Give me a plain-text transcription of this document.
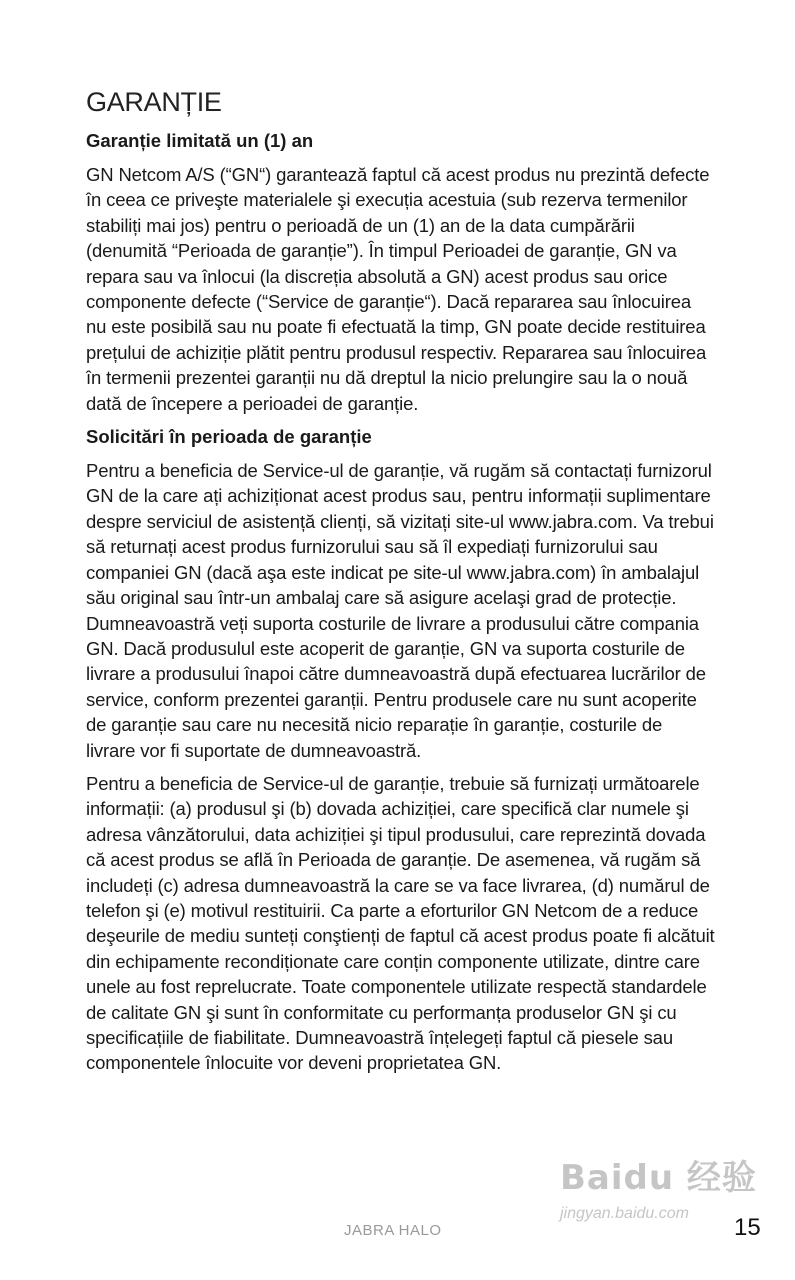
GARANȚIE
Garanție limitată un (1) an

GN Netcom A/S (“GN“) garantează faptul că acest produs nu prezintă defecte în ceea ce priveşte materialele şi execuția acestuia (sub rezerva termenilor stabiliți mai jos) pentru o perioadă de un (1) an de la data cumpărării (denumită “Perioada de garanție”). În timpul Perioadei de garanție, GN va repara sau va înlocui (la discreția absolută a GN) acest produs sau orice componente defecte (“Service de garanție“). Dacă repararea sau înlocuirea nu este posibilă sau nu poate fi efectuată la timp, GN poate decide restituirea prețului de achiziție plătit pentru produsul respectiv. Repararea sau înlocuirea în termenii prezentei garanții nu dă dreptul la nicio prelungire sau la o nouă dată de începere a perioadei de garanție.

Solicitări în perioada de garanție

Pentru a beneficia de Service-ul de garanție, vă rugăm să contactați furnizorul GN de la care ați achiziționat acest produs sau, pentru informații suplimentare despre serviciul de asistență clienți, să vizitați site-ul www.jabra.com. Va trebui să returnați acest produs furnizorului sau să îl expediați furnizorului sau companiei GN (dacă aşa este indicat pe site-ul www.jabra.com) în ambalajul său original sau într-un ambalaj care să asigure acelaşi grad de protecție. Dumneavoastră veți suporta costurile de livrare a produsului către compania GN. Dacă produsulul este acoperit de garanție, GN va suporta costurile de livrare a produsului înapoi către dumneavoastră după efectuarea lucrărilor de service, conform prezentei garanții. Pentru produsele care nu sunt acoperite de garanție sau care nu necesită nicio reparație în garanție, costurile de livrare vor fi suportate de dumneavoastră.

Pentru a beneficia de Service-ul de garanție, trebuie să furnizați următoarele informații: (a) produsul şi (b) dovada achiziției, care specifică clar numele şi adresa vânzătorului, data achiziției şi tipul produsului, care reprezintă dovada că acest produs se află în Perioada de garanție. De asemenea, vă rugăm să includeți (c) adresa dumneavoastră la care se va face livrarea, (d) numărul de telefon şi (e) motivul restituirii. Ca parte a eforturilor GN Netcom de a reduce deşeurile de mediu sunteți conştienți de faptul că acest produs poate fi alcătuit din echipamente recondiționate care conțin componente utilizate, dintre care unele au fost reprelucrate. Toate componentele utilizate respectă standardele de calitate GN şi sunt în conformitate cu performanța produselor GN şi cu specificațiile de fiabilitate. Dumneavoastră înțelegeți faptul că piesele sau componentele înlocuite vor deveni proprietatea GN.

JABRA HALO	15
Baidu 经验
jingyan.baidu.com
